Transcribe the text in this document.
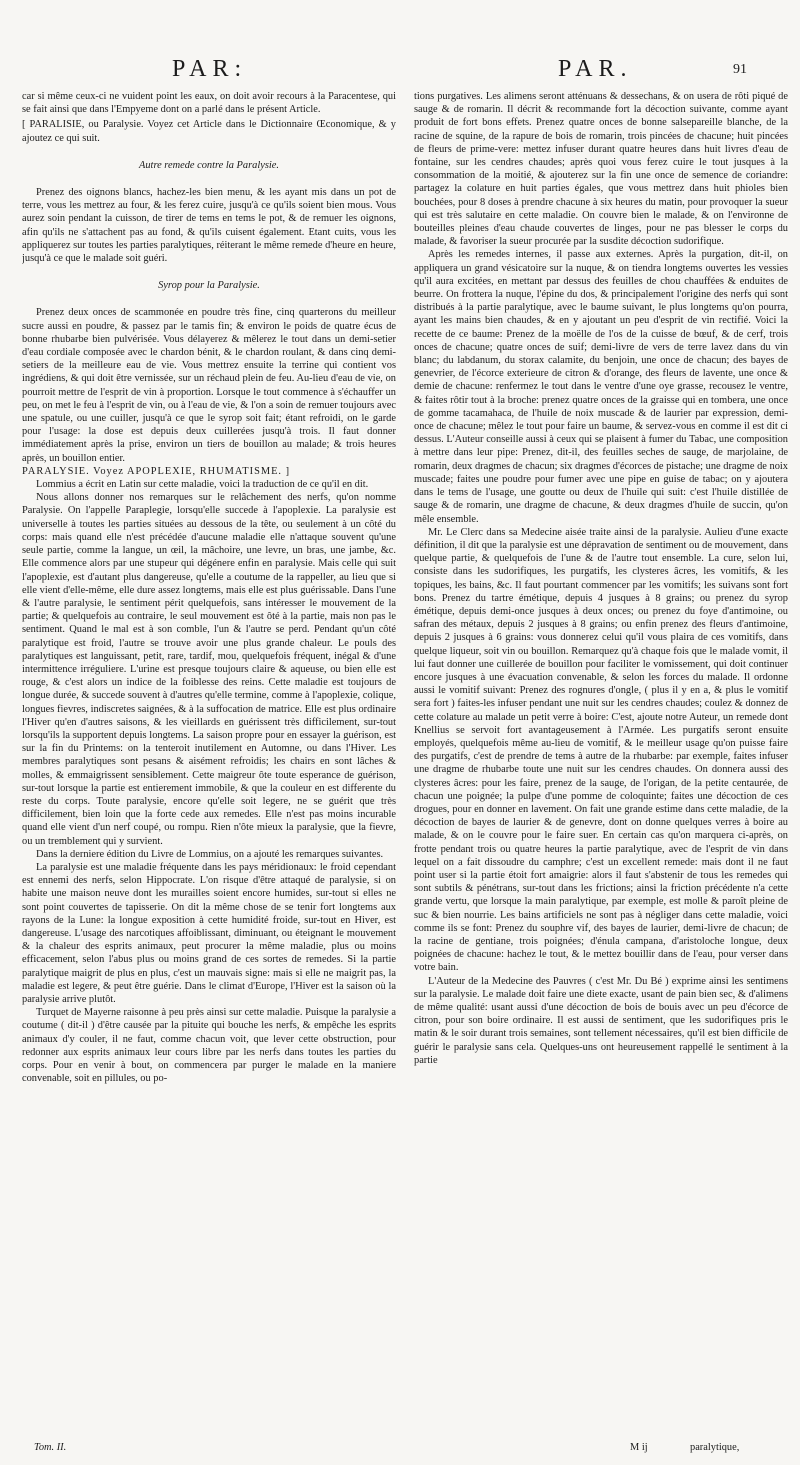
PAR:	PAR.	91

car si même ceux-ci ne vuident point les eaux, on doit avoir recours à la Paracentese, qui se fait ainsi que dans l'Empyeme dont on a parlé dans le présent Article.

[ PARALISIE, ou Paralysie. Voyez cet Article dans le Dictionnaire Œconomique, & y ajoutez ce qui suit.

Autre remede contre la Paralysie.

Prenez des oignons blancs, hachez-les bien menu, & les ayant mis dans un pot de terre, vous les mettrez au four, & les ferez cuire, jusqu'à ce qu'ils soient bien mous. Vous aurez soin pendant la cuisson, de tirer de tems en tems le pot, & de remuer les oignons, afin qu'ils ne s'attachent pas au fond, & qu'ils cuisent également. Etant cuits, vous les appliquerez sur toutes les parties paralytiques, réiterant le même remede d'heure en heure, jusqu'à ce que le malade soit guéri.

Syrop pour la Paralysie.

Prenez deux onces de scammonée en poudre très fine, cinq quarterons du meilleur sucre aussi en poudre, & passez par le tamis fin; & environ le poids de quatre écus de bonne rhubarbe bien pulvérisée. Vous délayerez & mêlerez le tout dans un demi-setier d'eau cordiale composée avec le chardon bénit, & le chardon roulant, & dans cinq demi-setiers de la meilleure eau de vie. Vous mettrez ensuite la terrine qui contient vos ingrédiens, & qui doit être vernissée, sur un réchaud plein de feu. Au-lieu d'eau de vie, on pourroit mettre de l'esprit de vin à proportion. Lorsque le tout commence à s'échauffer un peu, on met le feu à l'esprit de vin, ou à l'eau de vie, & l'on a soin de remuer toujours avec une spatule, ou une cuiller, jusqu'à ce que le syrop soit fait; étant refroidi, on le garde pour l'usage: la dose est depuis deux cuillerées jusqu'à trois. Il faut donner immédiatement après la prise, environ un tiers de bouillon au malade; & trois heures après, un bouillon entier.

PARALYSIE. Voyez APOPLEXIE, RHUMATISME. ]

Lommius a écrit en Latin sur cette maladie, voici la traduction de ce qu'il en dit.

Nous allons donner nos remarques sur le relâchement des nerfs, qu'on nomme Paralysie. On l'appelle Paraplegie, lorsqu'elle succede à l'apoplexie. La paralysie est universelle à toutes les parties situées au dessous de la tête, ou seulement à un côté du corps: mais quand elle n'est précédée d'aucune maladie elle n'attaque souvent qu'une seule partie, comme la langue, un œil, la mâchoire, une levre, un bras, une jambe, &c. Elle commence alors par une stupeur qui dégénere enfin en paralysie. Mais celle qui suit l'apoplexie, est d'autant plus dangereuse, qu'elle a coutume de la rappeller, au lieu que si elle vient d'elle-même, elle dure assez longtems, mais elle est plus guérissable. Dans l'une & l'autre paralysie, le sentiment périt quelquefois, sans intéresser le mouvement de la partie; & quelquefois au contraire, le seul mouvement est ôté à la partie, mais non pas le sentiment. Quand le mal est à son comble, l'un & l'autre se perd. Pendant qu'un côté paralytique est froid, l'autre se trouve avoir une plus grande chaleur. Le pouls des paralytiques est languissant, petit, rare, tardif, mou, quelquefois fréquent, inégal & d'une intermittence irréguliere. L'urine est presque toujours claire & aqueuse, ou bien elle est rouge, & c'est alors un indice de la foiblesse des reins. Cette maladie est toujours de longue durée, & succede souvent à d'autres qu'elle termine, comme à l'apoplexie, colique, longues fievres, indiscretes saignées, & à la suffocation de matrice. Elle est plus ordinaire l'Hiver qu'en d'autres saisons, & les vieillards en guérissent très difficilement, sur-tout lorsqu'ils la supportent depuis longtems. La saison propre pour en essayer la guérison, est sur la fin du Printems: on la tenteroit inutilement en Automne, ou dans l'Hiver. Les membres paralytiques sont pesans & aisément refroidis; les chairs en sont lâches & molles, & emmaigrissent sensiblement. Cette maigreur ôte toute esperance de guérison, sur-tout lorsque la partie est entierement immobile, & que la couleur en est differente du reste du corps. Toute paralysie, encore qu'elle soit legere, ne se guérit que très difficilement, bien loin que la forte cede aux remedes. Elle n'est pas moins incurable quand elle vient d'un nerf coupé, ou rompu. Rien n'ôte mieux la paralysie, que la fievre, ou un tremblement qui y survient.

Dans la derniere édition du Livre de Lommius, on a ajouté les remarques suivantes.

La paralysie est une maladie fréquente dans les pays méridionaux: le froid cependant est ennemi des nerfs, selon Hippocrate. L'on risque d'être attaqué de paralysie, si on habite une maison neuve dont les murailles soient encore humides, sur-tout si elles ne sont point couvertes de tapisserie. On dit la même chose de se tenir fort longtems aux rayons de la Lune: la longue exposition à cette humidité froide, sur-tout en Hiver, est dangereuse. L'usage des narcotiques affoiblissant, diminuant, ou éteignant le mouvement & la chaleur des esprits animaux, peut procurer la même maladie, plus ou moins efficacement, selon l'abus plus ou moins grand de ces sortes de remedes. Si la partie paralytique maigrit de plus en plus, c'est un mauvais signe: mais si elle ne maigrit pas, la maladie est legere, & peut être guérie. Dans le climat d'Europe, l'Hiver est la saison où la paralysie arrive plutôt.

Turquet de Mayerne raisonne à peu près ainsi sur cette maladie. Puisque la paralysie a coutume ( dit-il ) d'être causée par la pituite qui bouche les nerfs, & empêche les esprits animaux d'y couler, il ne faut, comme chacun voit, que lever cette obstruction, pour redonner aux esprits animaux leur cours libre par les nerfs dans toutes les parties du corps. Pour en venir à bout, on commencera par purger le malade en la maniere convenable, soit en pillules, ou po-

tions purgatives. Les alimens seront atténuans & dessechans, & on usera de rôti piqué de sauge & de romarin. Il décrit & recommande fort la décoction suivante, comme ayant produit de fort bons effets. Prenez quatre onces de bonne salsepareille blanche, de la racine de squine, de la rapure de bois de romarin, trois pincées de chacune; huit pincées de fleurs de prime-vere: mettez infuser durant quatre heures dans huit livres d'eau de fontaine, sur les cendres chaudes; après quoi vous ferez cuire le tout jusques à la consommation de la moitié, & ajouterez sur la fin une once de semence de coriandre: partagez la colature en huit parties égales, que vous mettrez dans huit phioles bien bouchées, pour 8 doses à prendre chacune à six heures du matin, pour provoquer la sueur qui est très salutaire en cette maladie. On couvre bien le malade, & on l'environne de bouteilles pleines d'eau chaude couvertes de linges, pour ne pas blesser le corps du malade, & favoriser la sueur procurée par la susdite décoction sudorifique.

Après les remedes internes, il passe aux externes. Après la purgation, dit-il, on appliquera un grand vésicatoire sur la nuque, & on tiendra longtems ouvertes les vessies qu'il aura excitées, en mettant par dessus des feuilles de chou chauffées & enduites de beurre. On frottera la nuque, l'épine du dos, & principalement l'origine des nerfs qui sont distribués à la partie paralytique, avec le baume suivant, le plus longtems qu'on pourra, ayant les mains bien chaudes, & en y ajoutant un peu d'esprit de vin rectifié. Voici la recette de ce baume: Prenez de la moëlle de l'os de la cuisse de bœuf, & de cerf, trois onces de chacune; quatre onces de suif; demi-livre de vers de terre lavez dans du vin blanc; du labdanum, du storax calamite, du benjoin, une once de chacun; des bayes de genevrier, de l'écorce exterieure de citron & d'orange, des fleurs de lavente, une once & demie de chacune: renfermez le tout dans le ventre d'une oye grasse, recousez le ventre, & faites rôtir tout à la broche: prenez quatre onces de la graisse qui en tombera, une once de gomme tacamahaca, de l'huile de noix muscade & de laurier par expression, demi-once de chacune; mêlez le tout pour faire un baume, & servez-vous en comme il est dit ci dessus. L'Auteur conseille aussi à ceux qui se plaisent à fumer du Tabac, une composition à mettre dans leur pipe: Prenez, dit-il, des feuilles seches de sauge, de marjolaine, de romarin, deux dragmes de chacun; six dragmes d'écorces de pistache; une dragme de noix muscade; faites une poudre pour fumer avec une pipe en guise de tabac; on y ajoutera dans le tems de l'usage, une goutte ou deux de l'huile qui suit: c'est l'huile distillée de sauge & de romarin, une dragme de chacune, & deux dragmes d'huile de succin, qu'on mêle ensemble.

Mr. Le Clerc dans sa Medecine aisée traite ainsi de la paralysie. Aulieu d'une exacte définition, il dit que la paralysie est une dépravation de sentiment ou de mouvement, dans quelque partie, & quelquefois de l'une & de l'autre tout ensemble. La cure, selon lui, consiste dans les sudorifiques, les purgatifs, les clysteres âcres, les vomitifs, & les topiques, les bains, &c. Il faut pourtant commencer par les vomitifs; les suivans sont fort bons. Prenez du tartre émétique, depuis 4 jusques à 8 grains; ou prenez du syrop émétique, depuis demi-once jusques à deux onces; ou prenez du foye d'antimoine, ou safran des métaux, depuis 2 jusques à 8 grains; ou enfin prenez des fleurs d'antimoine, depuis 2 jusques à 6 grains: vous donnerez celui qu'il vous plaira de ces vomitifs, dans quelque liqueur, soit vin ou bouillon. Remarquez qu'à chaque fois que le malade vomit, il lui faut donner une cuillerée de bouillon pour faciliter le vomissement, qui doit continuer encore jusques à une évacuation convenable, & selon les forces du malade. Il ordonne aussi le vomitif suivant: Prenez des rognures d'ongle, ( plus il y en a, & plus le vomitif sera fort ) faites-les infuser pendant une nuit sur les cendres chaudes; coulez & donnez de cette colature au malade un petit verre à boire: C'est, ajoute notre Auteur, un remede dont Knellius se servoit fort avantageusement à l'Armée. Les purgatifs seront ensuite employés, quelquefois même au-lieu de vomitif, & le meilleur usage qu'on puisse faire des purgatifs, c'est de prendre de tems à autre de la rhubarbe: par exemple, faites infuser une dragme de rhubarbe toute une nuit sur les cendres chaudes. On donnera aussi des clysteres âcres: pour les faire, prenez de la sauge, de l'origan, de la petite centaurée, de chacun une poignée; la pulpe d'une pomme de coloquinte; faites une décoction de ces drogues, pour en donner en lavement. On fait une grande estime dans cette maladie, de la décoction de bayes de laurier & de genevre, dont on donne quelques verres à boire au malade, & on le couvre pour le faire suer. En certain cas qu'on marquera ci-après, on frotte pendant trois ou quatre heures la partie paralytique, avec de l'esprit de vin dans lequel on a fait dissoudre du camphre; c'est un excellent remede: mais dont il ne faut point user si la partie étoit fort amaigrie: alors il faut s'abstenir de tous les remedes qui sont subtils & pénétrans, sur-tout dans les frictions; ainsi la friction précédente n'a cette grande vertu, que lorsque la main paralytique, par exemple, est molle & paroît pleine de suc & bien nourrie. Les bains artificiels ne sont pas à négliger dans cette maladie, voici comme ils se font: Prenez du souphre vif, des bayes de laurier, demi-livre de chacun; de la racine de gentiane, trois poignées; d'énula campana, d'aristoloche longue, deux poignées de chacune: hachez le tout, & le mettez bouillir dans de l'eau, pour verser dans votre bain.

L'Auteur de la Medecine des Pauvres ( c'est Mr. Du Bé ) exprime ainsi les sentimens sur la paralysie. Le malade doit faire une diete exacte, usant de pain bien sec, & d'alimens de même qualité: usant aussi d'une décoction de bois de bouis avec un peu d'écorce de citron, pour son boire ordinaire. Il est aussi de sentiment, que les sudorifiques pris le matin & le soir durant trois semaines, sont tellement nécessaires, qu'il est bien difficile de guérir le paralysie sans cela. Quelques-uns ont heureusement rappellé le sentiment à la partie

Tom. II.	M ij	paralytique,
